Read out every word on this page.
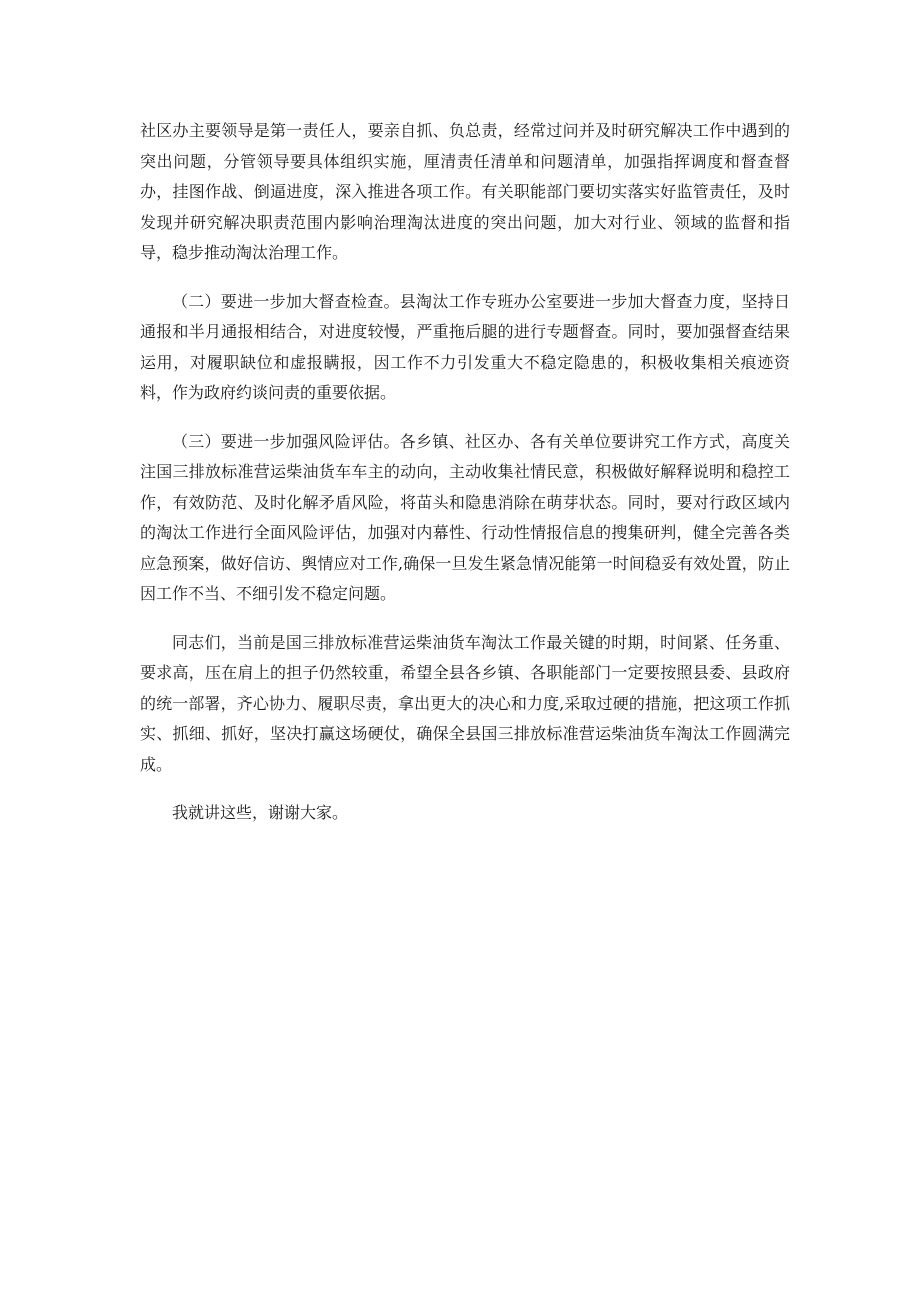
社区办主要领导是第一责任人，要亲自抓、负总责，经常过问并及时研究解决工作中遇到的突出问题，分管领导要具体组织实施，厘清责任清单和问题清单，加强指挥调度和督查督办，挂图作战、倒逼进度，深入推进各项工作。有关职能部门要切实落实好监管责任，及时发现并研究解决职责范围内影响治理淘汰进度的突出问题，加大对行业、领域的监督和指导，稳步推动淘汰治理工作。

（二）要进一步加大督查检查。县淘汰工作专班办公室要进一步加大督查力度，坚持日通报和半月通报相结合，对进度较慢，严重拖后腿的进行专题督查。同时，要加强督查结果运用，对履职缺位和虚报瞒报，因工作不力引发重大不稳定隐患的，积极收集相关痕迹资料，作为政府约谈问责的重要依据。

（三）要进一步加强风险评估。各乡镇、社区办、各有关单位要讲究工作方式，高度关注国三排放标准营运柴油货车车主的动向，主动收集社情民意，积极做好解释说明和稳控工作，有效防范、及时化解矛盾风险，将苗头和隐患消除在萌芽状态。同时，要对行政区域内的淘汰工作进行全面风险评估，加强对内幕性、行动性情报信息的搜集研判，健全完善各类应急预案，做好信访、舆情应对工作,确保一旦发生紧急情况能第一时间稳妥有效处置，防止因工作不当、不细引发不稳定问题。

同志们，当前是国三排放标准营运柴油货车淘汰工作最关键的时期，时间紧、任务重、要求高，压在肩上的担子仍然较重，希望全县各乡镇、各职能部门一定要按照县委、县政府的统一部署，齐心协力、履职尽责，拿出更大的决心和力度,采取过硬的措施，把这项工作抓实、抓细、抓好，坚决打赢这场硬仗，确保全县国三排放标准营运柴油货车淘汰工作圆满完成。

我就讲这些，谢谢大家。
